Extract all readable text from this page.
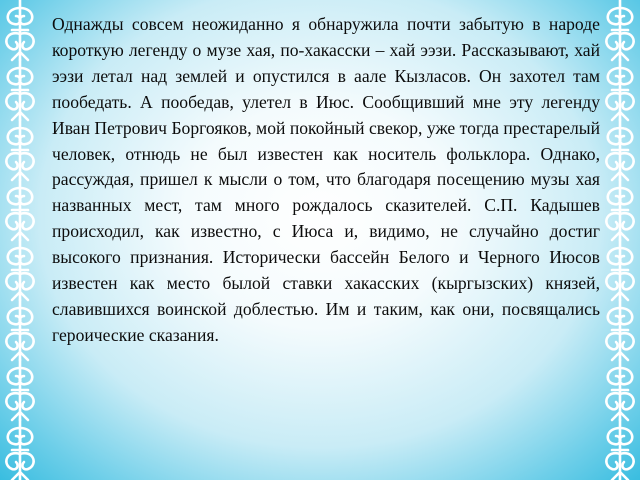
Однажды совсем неожиданно я обнаружила почти забытую в народе короткую легенду о музе хая, по-хакасски – хай ээзи. Рассказывают, хай ээзи летал над землей и опустился в аале Кызласов. Он захотел там пообедать. А пообедав, улетел в Июс. Сообщивший мне эту легенду Иван Петрович Боргояков, мой покойный свекор, уже тогда престарелый человек, отнюдь не был известен как носитель фольклора. Однако, рассуждая, пришел к мысли о том, что благодаря посещению музы хая названных мест, там много рождалось сказителей. С.П. Кадышев происходил, как известно, с Июса и, видимо, не случайно достиг высокого признания. Исторически бассейн Белого и Черного Июсов известен как место былой ставки хакасских (кыргызских) князей, славившихся воинской доблестью. Им и таким, как они, посвящались героические сказания.
